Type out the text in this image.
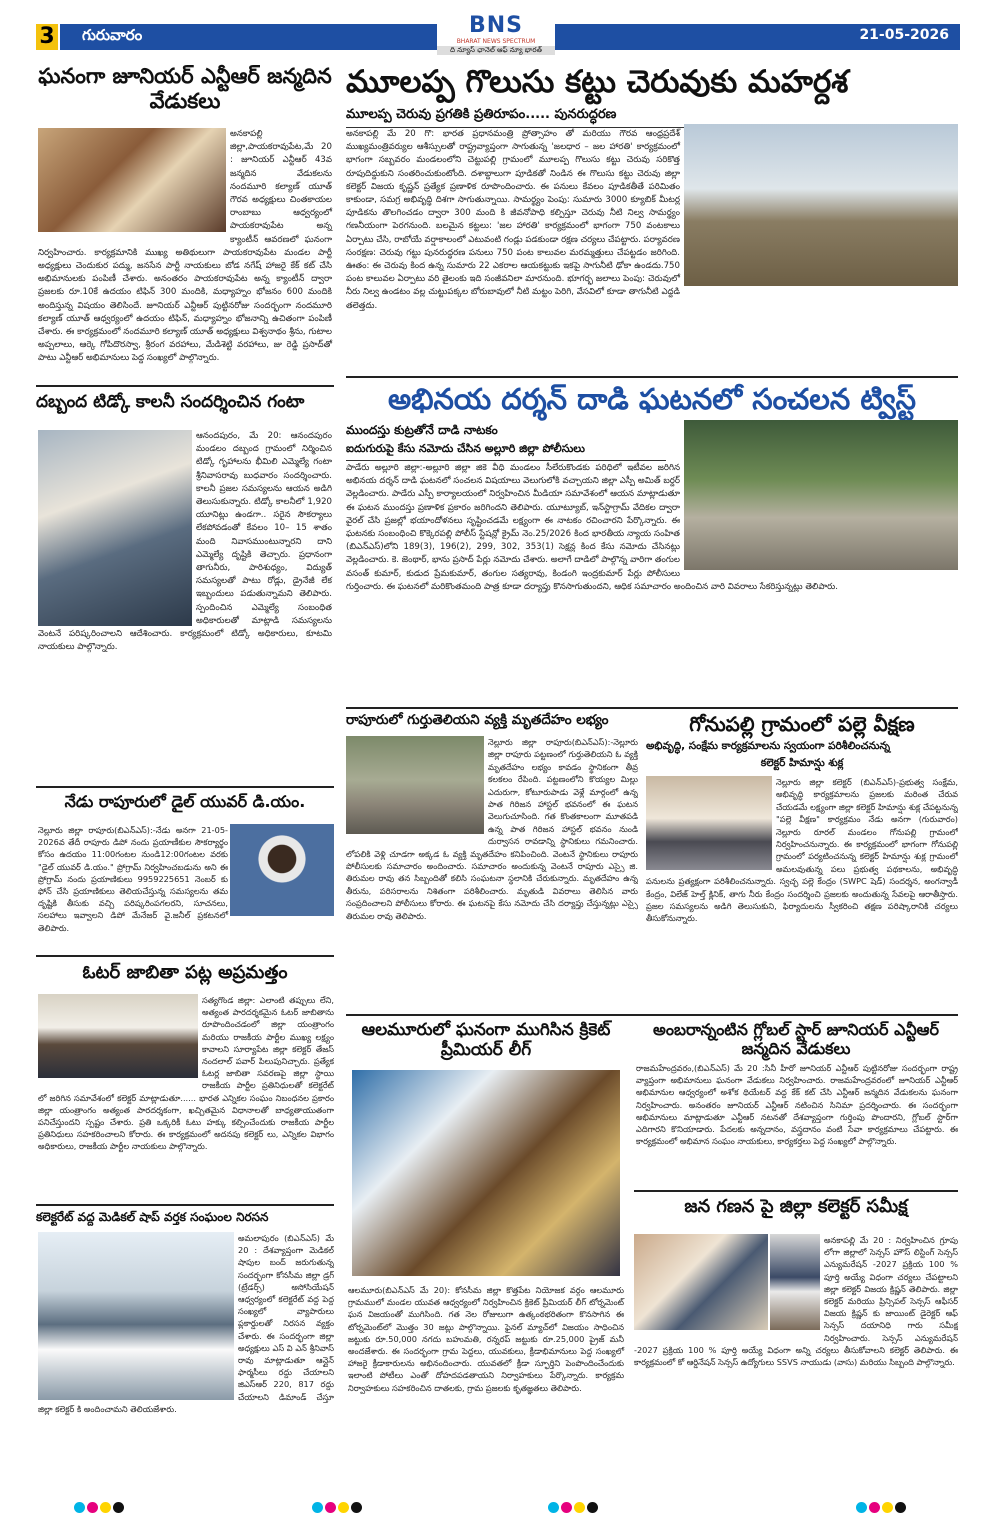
3 గురువారం	BNS
BHARAT NEWS SPECTRUM
ది న్యూస్ ఛానెల్ ఆఫ్ న్యూ భారత్
21-05-2026
ఘనంగా జూనియర్ ఎన్టీఆర్ జన్మదిన వేడుకలు
అనకాపల్లి జిల్లా,పాయకరావుపేట,మే 20 : జూనియర్ ఎన్టీఆర్ 43వ జన్మదిన వేడుకలను నందమూరి కల్యాణ్ యూత్ గౌరవ అధ్యక్షులు చింతకాయల రాంబాబు ఆధ్వర్యంలో పాయకరావుపేట అన్న క్యాంటీన్ ఆవరణలో ఘనంగా నిర్వహించారు. కార్యక్రమానికి ముఖ్య అతిథులుగా పాయకరావుపేట మండల పార్టీ అధ్యక్షులు చెందుకుర పద్ము, జనసేన పార్టీ నాయకులు బోడ నగేష్ హాజరై కేక్ కట్ చేసి అభిమానులకు పంపిణీ చేశారు. అనంతరం పాయకరావుపేట అన్న క్యాంటీన్ ద్వారా ప్రజలకు రూ.10కే ఉదయం టిఫిన్ 300 మందికి, మధ్యాహ్నం భోజనం 600 మందికి అందిస్తున్న విషయం తెలిసిందే. జూనియర్ ఎన్టీఆర్ పుట్టినరోజు సందర్భంగా నందమూరి కల్యాణ్ యూత్ ఆధ్వర్యంలో ఉదయం టిఫిన్, మధ్యాహ్నం భోజనాన్ని ఉచితంగా పంపిణీ చేశారు. ఈ కార్యక్రమంలో నందమూరి కల్యాణ్ యూత్ అధ్యక్షులు విశ్వనాథం శ్రీను, గుటాల అప్పలాలు, ఆర్కె గోపిదొరస్వా, శ్రీరంగ వరహాలు, మేడిశెట్టి వరహాలు, జు రెడ్డి ప్రసాద్‌తో పాటు ఎన్టీఆర్ అభిమానులు పెద్ద సంఖ్యలో పాల్గొన్నారు.
మూలప్ప గొలుసు కట్టు చెరువుకు మహర్దశ
మూలప్ప చెరువు ప్రగతికి ప్రతిరూపం..... పునరుద్ధరణ
అనకాపల్లి మే 20 గొ: భారత ప్రధానమంత్రి ప్రోత్సాహం తో మరియు గౌరవ ఆంధ్రప్రదేశ్ ముఖ్యమంత్రివర్యుల ఆశీస్సులతో రాష్ట్రవ్యాప్తంగా సాగుతున్న 'జలధార – జల హారతి' కార్యక్రమంలో భాగంగా సబ్బవరం మండలంలోని చెట్టుపల్లి గ్రామంలో మూలప్ప గొలుసు కట్టు చెరువు సరికొత్త రూపుదిద్దుకుని సంతరించుకుంటోంది. దశాబ్దాలుగా పూడికతో నిండిన ఈ గొలుసు కట్టు చెరువు జిల్లా కలెక్టర్ విజయ కృష్ణన్ ప్రత్యేక ప్రణాళిక రూపొందించారు. ఈ పనులు కేవలం పూడికతీతే పరిమితం కాకుండా, సమగ్ర అభివృద్ధి దిశగా సాగుతున్నాయి. సామర్థ్యం పెంపు: సుమారు 3000 క్యూబిక్ మీటర్ల పూడికను తొలగించడం ద్వారా 300 మంది కి జీవనోపాధి కల్పిస్తూ చెరువు నీటి నిల్వ సామర్థ్యం గణనీయంగా పెరగనుంది. బలమైన కట్టలు: 'జల హారతి' కార్యక్రమంలో భాగంగా 750 వంటకాలు ఏర్పాటు చేసి, రాబోయే వర్షాకాలంలో ఎటువంటి గండ్లు పడకుండా రక్షణ చర్యలు చేపట్టారు. పర్యావరణ సంరక్షణ: చెరువు గట్టు పునరుద్ధరణ పనులు 750 పంట కాలువల మరమ్మత్తులు చేపట్టడం జరిగింది. ఊతం: ఈ చెరువు కింద ఉన్న సుమారు 22 ఎకరాల ఆయకట్టుకు ఇకపై సాగునీటి ఢోకా ఉండదు.750 పంట కాలువల ఏర్పాటు వరి తైలంకు ఇది సంజీవనిలా మారనుంది. భూగర్భ జలాలు పెంపు: చెరువులో నీరు నిల్వ ఉండటం వల్ల చుట్టుపక్కల బోరుబావులో నీటి మట్టం పెరిగి, వేసవిలో కూడా తాగునీటి ఎద్దడి తలెత్తదు.
దబ్బంద టిడ్కో కాలనీ సందర్శించిన గంటా
ఆనందపురం, మే 20: ఆనందపురం మండలం దబ్బంద గ్రామంలో నిర్మించిన టిడ్కో గృహాలను భీమిలి ఎమ్మెల్యే గంటా శ్రీనివాసరావు బుధవారం సందర్శించారు. కాలనీ ప్రజల సమస్యలను ఆయన అడిగి తెలుసుకున్నారు. టిడ్కో కాలనీలో 1,920 యూనిట్లు ఉండగా.. సరైన సౌకర్యాలు లేకపోవడంతో కేవలం 10– 15 శాతం మంది నివాసముంటున్నారని దాని ఎమ్మెల్యే దృష్టికి తెచ్చారు. ప్రధానంగా తాగునీరు, పారిశుధ్యం, విద్యుత్ సమస్యలతో పాటు రోడ్లు, డ్రైనేజీ లేక ఇబ్బందులు పడుతున్నామని తెలిపారు. స్పందించిన ఎమ్మెల్యే సంబంధిత అధికారులతో మాట్లాడి సమస్యలను వెంటనే పరిష్కరించాలని ఆదేశించారు. కార్యక్రమంలో టిడ్కో అధికారులు, కూటమి నాయకులు పాల్గొన్నారు.
అభినయ దర్శన్ దాడి ఘటనలో సంచలన ట్విస్ట్
ముందస్తు కుట్రతోనే దాడి నాటకం
ఐదుగురుపై కేసు నమోదు చేసిన అల్లూరి జిల్లా పోలీసులు
పాడేరు అల్లూరి జిల్లా:-అల్లూరి జిల్లా జికె వీధి మండలం సీలేరుకొండకు పరిధిలో ఇటీవల జరిగిన అభినయ దర్శన్ దాడి ఘటనలో సంచలన విషయాలు వెలుగులోకి వచ్చాయని జిల్లా ఎస్పీ అమిత్ బర్దర్ వెల్లడించారు. పాడేరు ఎస్పీ కార్యాలయంలో నిర్వహించిన మీడియా సమావేశంలో ఆయన మాట్లాడుతూ ఈ ఘటన ముందస్తు ప్రణాళిక ప్రకారం జరిగిందని తెలిపారు. యూట్యూబ్, ఇన్‌స్టాగ్రామ్ వేదికల ద్వారా వైరల్ చేసి ప్రజల్లో భయాందోళనలు సృష్టించడమే లక్ష్యంగా ఈ నాటకం రచించారని పేర్కొన్నారు. ఈ ఘటనకు సంబంధించి కొక్కెరపల్లి పోలీస్ స్టేషన్లో క్రైమ్ నెం.25/2026 కింద భారతీయ న్యాయ సంహిత (బిఎన్ఎస్)లోని 189(3), 196(2), 299, 302, 353(1) సెక్షన్ల కింద కేసు నమోదు చేసినట్లు వెల్లడించారు. కె. జెంథార్, భాను ప్రసాద్ పేర్లు నమోదు చేశారు. అలాగే దాడిలో పాల్గొన్న వారిగా తంగుల వసంత్ కుమార్, కుడుద ప్రేమకుమార్, తంగుల సత్యరావు, కిండంగి ఇంద్రకుమార్ పేర్లు పోలీసులు గుర్తించారు. ఈ ఘటనలో మరికొంతమంది పాత్ర కూడా దర్యాప్తు కొనసాగుతుందని, ఆధిక సమాచారం అందించిన వారి వివరాలు సేకరిస్తున్నట్లు తెలిపారు.
రాపూరులో గుర్తుతెలియని వ్యక్తి మృతదేహం లభ్యం
నెల్లూరు జిల్లా రాపూరు(బిఎన్ఎస్):-నెల్లూరు జిల్లా రాపూరు పట్టణంలో గుర్తుతెలియని ఓ వ్యక్తి మృతదేహం లభ్యం కావడం స్థానికంగా తీవ్ర కలకలం రేపింది. పట్టణంలోని కొయ్యల మిల్లు ఎదురుగా, కోటూరుపాడు వెళ్లే మార్గంలో ఉన్న పాత గిరిజన హాస్టల్ భవనంలో ఈ ఘటన వెలుగుచూసింది. గత కొంతకాలంగా మూతపడి ఉన్న పాత గిరిజన హాస్టల్ భవనం నుండి దుర్వాసన రావడాన్ని స్థానికులు గమనించారు. లోపలికి వెళ్లి చూడగా అక్కడ ఓ వ్యక్తి మృతదేహం కనిపించింది. వెంటనే స్థానికులు రాపూరు పోలీసులకు సమాచారం అందించారు. సమాచారం అందుకున్న వెంటనే రాపూరు ఎస్సై జి. తిరుమల రావు తన సిబ్బందితో కలిసి సంఘటనా స్థలానికి చేరుకున్నారు. మృతదేహం ఉన్న తీరును, పరిసరాలను నిశితంగా పరిశీలించారు. మృతుడి వివరాలు తెలిసిన వారు సంప్రదించాలని పోలీసులు కోరారు. ఈ ఘటనపై కేసు నమోదు చేసి దర్యాప్తు చేస్తున్నట్లు ఎస్సై తిరుమల రావు తెలిపారు.
గోనుపల్లి గ్రామంలో పల్లె వీక్షణ
అభివృద్ధి, సంక్షేమ కార్యక్రమాలను స్వయంగా పరిశీలించనున్న
కలెక్టర్ హిమాన్షు శుక్ల
నెల్లూరు జిల్లా కలెక్టర్ (బిఎన్ఎస్)-ప్రభుత్వ సంక్షేమ, అభివృద్ధి కార్యక్రమాలను ప్రజలకు మరింత చేరువ చేయడమే లక్ష్యంగా జిల్లా కలెక్టర్ హిమాన్షు శుక్ల చేపట్టనున్న "పల్లె వీక్షణ" కార్యక్రమం నేడు అనగా (గురువారం) నెల్లూరు రూరల్ మండలం గోనుపల్లి గ్రామంలో నిర్వహించనున్నారు. ఈ కార్యక్రమంలో భాగంగా గోనుపల్లి గ్రామంలో పర్యటించనున్న కలెక్టర్ హిమాన్షు శుక్ల గ్రామంలో అమలవుతున్న పలు ప్రభుత్వ పథకాలను, అభివృద్ధి పనులను ప్రత్యక్షంగా పరిశీలించనున్నారు. స్వచ్ఛ పల్లె కేంద్రం (SWPC షెడ్) సందర్శన, అంగన్వాడీ కేంద్రం, విలేజ్ హెల్త్ క్లినిక్, తాగు నీరు కేంద్రం సందర్శించి ప్రజలకు అందుతున్న సేవలపై ఆరాతీస్తారు. ప్రజల సమస్యలను అడిగి తెలుసుకుని, ఫిర్యాదులను స్వీకరించి తక్షణ పరిష్కారానికి చర్యలు తీసుకోనున్నారు.
నేడు రాపూరులో డైల్ యువర్ డి.యం.
నెల్లూరు జిల్లా రాపూరు(బిఎన్ఎస్):-నేడు అనగా 21-05-2026వ తేదీ రాపూరు డిపో నందు ప్రయాణీకుల సౌకర్యార్థం కోసం ఉదయం 11:00గంటల నుండి12:00గంటల వరకు "డైల్ యువర్ డి.యం." ప్రోగ్రామ్ నిర్వహించబడును అని ఈ ప్రోగ్రామ్ నందు ప్రయాణికులు 9959225651 నెంబర్ కు ఫోన్ చేసి ప్రయాణికులు తెలియచేస్తున్న సమస్యలను తమ దృష్టికి తీసుకు వచ్చి పరిష్కరింపగలరని, సూచనలు, సలహాలు ఇవ్వాలని డిపో మేనేజర్ వై.జనీల్ ప్రకటనలో తెలిపారు.
ఓటర్ జాబితా పట్ల అప్రమత్తం
సత్యగొండ జిల్లా: ఎలాంటి తప్పులు లేని, అత్యంత పారదర్శకమైన ఓటర్ జాబితాను రూపొందించడంలో జిల్లా యంత్రాంగం మరియు రాజకీయ పార్టీల ముఖ్య లక్ష్యం కావాలని సూర్యాపేట జిల్లా కలెక్టర్ తేజస్ నందలాల్ పవార్ పిలుపునిచ్చారు. ప్రత్యేక ఓటర్ల జాబితా సవరణపై జిల్లా స్థాయి రాజకీయ పార్టీల ప్రతినిధులతో కలెక్టరేట్ లో జరిగిన సమావేశంలో కలెక్టర్ మాట్లాడుతూ...... భారత ఎన్నికల సంఘం నిబంధనల ప్రకారం జిల్లా యంత్రాంగం అత్యంత పారదర్శకంగా, ఖచ్చితమైన విధానాలతో బాధ్యతాయుతంగా పనిచేస్తుందని స్పష్టం చేశారు. ప్రతి ఒక్కరికీ ఓటు హక్కు కల్పించేందుకు రాజకీయ పార్టీల ప్రతినిధులు సహకరించాలని కోరారు. ఈ కార్యక్రమంలో అదనపు కలెక్టర్ లు, ఎన్నికల విభాగం అధికారులు, రాజకీయ పార్టీల నాయకులు పాల్గొన్నారు.
కలెక్టరేట్ వద్ద మెడికల్ షాప్ వర్తక సంఘంల నిరసన
అమలాపురం (బిఎన్ఎస్) మే 20 : దేశవ్యాప్తంగా మెడికల్ షాపుల బంద్ జరుగుతున్న సందర్భంగా కోనసీమ జిల్లా డ్రగ్ (ట్రేడర్స్) అసోసియేషన్ ఆధ్వర్యంలో కలెక్టరేట్ వద్ద పెద్ద సంఖ్యలో వ్యాపారులు ప్లకార్డులతో నిరసన వ్యక్తం చేశారు. ఈ సందర్భంగా జిల్లా అధ్యక్షులు ఎస్ వి ఎన్ శ్రీనివాస్ రావు మాట్లాడుతూ ఆన్లైన్ ఫార్మసీలు రద్దు చేయాలని జిఎస్ఆర్ 220, 817 రద్దు చేయాలని డిమాండ్ చేస్తూ జిల్లా కలెక్టర్ కి అందించామని తెలియజేశారు.
ఆలమూరులో ఘనంగా ముగిసిన క్రికెట్ ప్రీమియర్ లీగ్
ఆలమూరు(బిఎన్ఎస్ మే 20): కోనసీమ జిల్లా కొత్తపేట నియోజక వర్గం ఆలమూరు గ్రామములో మండల యువత ఆధ్వర్యంలో నిర్వహించిన క్రికెట్ ప్రీమియర్ లీగ్ టోర్నమెంట్ ఘన విజయంతో ముగిసింది. గత నెల రోజులుగా ఉత్కంఠభరితంగా కొనసాగిన ఈ టోర్నమెంట్‌లో మొత్తం 30 జట్లు పాల్గొన్నాయి. ఫైనల్ మ్యాచ్‌లో విజయం సాధించిన జట్టుకు రూ.50,000 నగదు బహుమతి, రన్నరప్ జట్టుకు రూ.25,000 ప్రైజ్ మనీ అందజేశారు. ఈ సందర్భంగా గ్రామ పెద్దలు, యువకులు, క్రీడాభిమానులు పెద్ద సంఖ్యలో హాజరై క్రీడాకారులను అభినందించారు. యువతలో క్రీడా స్ఫూర్తిని పెంపొందించేందుకు ఇలాంటి పోటీలు ఎంతో దోహదపడతాయని నిర్వాహకులు పేర్కొన్నారు. కార్యక్రమ నిర్వాహకులు సహకరించిన దాతలకు, గ్రామ ప్రజలకు కృతజ్ఞతలు తెలిపారు.
అంబరాన్నంటిన గ్లోబల్ స్టార్ జూనియర్ ఎన్టీఆర్ జన్మదిన వేడుకలు
రాజమహేంద్రవరం,(బిఎన్ఎస్) మే 20 :సినీ హీరో జూనియర్ ఎన్టీఆర్ పుట్టినరోజు సందర్భంగా రాష్ట్ర వ్యాప్తంగా అభిమానులు ఘనంగా వేడుకలు నిర్వహించారు. రాజమహేంద్రవరంలో జూనియర్ ఎన్టీఆర్ అభిమానుల ఆధ్వర్యంలో అశోక థియేటర్ వద్ద కేక్ కట్ చేసి ఎన్టీఆర్ జన్మదిన వేడుకలను ఘనంగా నిర్వహించారు. అనంతరం జూనియర్ ఎన్టీఆర్ నటించిన సినిమా ప్రదర్శించారు. ఈ సందర్భంగా అభిమానులు మాట్లాడుతూ ఎన్టీఆర్ నటనతో దేశవ్యాప్తంగా గుర్తింపు పొందారని, గ్లోబల్ స్టార్‌గా ఎదిగారని కొనియాడారు. పేదలకు అన్నదానం, వస్త్రదానం వంటి సేవా కార్యక్రమాలు చేపట్టారు. ఈ కార్యక్రమంలో అభిమాన సంఘం నాయకులు, కార్యకర్తలు పెద్ద సంఖ్యలో పాల్గొన్నారు.
జన గణన పై జిల్లా కలెక్టర్ సమీక్ష
అనకాపల్లి మే 20 : నిర్వహించిన గ్రూపు లోగా జిల్లాలో సెన్సస్ హౌస్ లిస్టింగ్ సెన్సస్ ఎన్యుమరేషన్ -2027 ప్రక్రియ 100 % పూర్తి అయ్యే విధంగా చర్యలు చేపట్టాలని జిల్లా కలెక్టర్ విజయ క్రిష్ణన్ తెలిపారు. జిల్లా కలెక్టర్ మరియు ప్రిన్సిపల్ సెన్సస్ ఆఫీసర్ విజయ క్రిష్ణన్ కు జాయింట్ డైరెక్టర్ ఆఫ్ సెన్సస్ దయానిధి గారు సమీక్ష నిర్వహించారు. సెన్సస్ ఎన్యుమరేషన్ -2027 ప్రక్రియ 100 % పూర్తి అయ్యే విధంగా అన్ని చర్యలు తీసుకోవాలని కలెక్టర్ తెలిపారు. ఈ కార్యక్రమంలో కో ఆర్డినేషన్ సెన్సస్ ఉద్యోగులు SSVS నాయుడు (వాసు) మరియు సిబ్బంది పాల్గొన్నారు.
